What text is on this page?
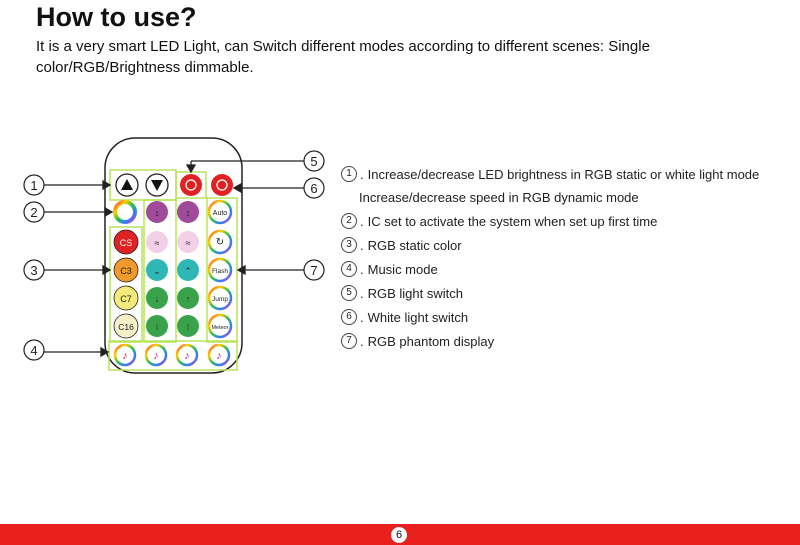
How to use?
It is a very smart LED Light, can Switch different modes according to different scenes: Single color/RGB/Brightness dimmable.
CS
C3
C7
C16
↕	↕
≈	≈
⌄	⌃
↓	↑
⁝	⁝
Auto
↻
Flash
Jump
Meteor
♪ ♪ ♪ ♪
1
2
3
4
5
6
7
1 . Increase/decrease LED brightness in RGB static or white light mode
Increase/decrease speed in RGB dynamic mode
2 . IC set to activate the system when set up first time
3 . RGB static color
4 . Music mode
5 . RGB light switch
6 . White light switch
7 . RGB phantom display
6
